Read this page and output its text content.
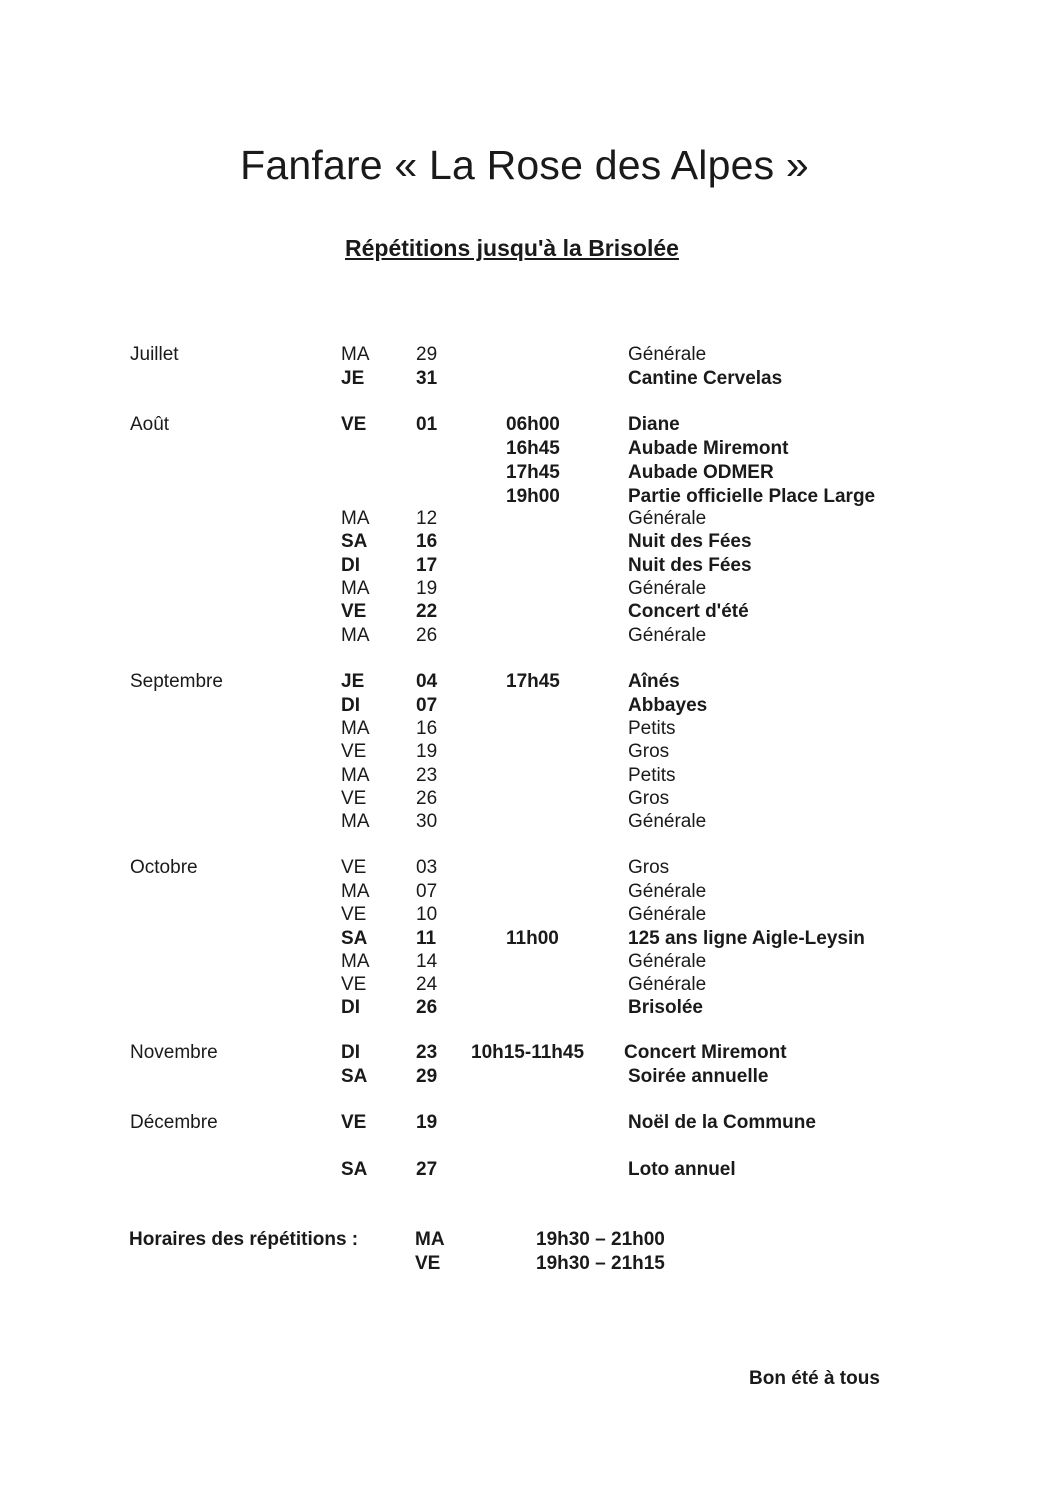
Fanfare « La Rose des Alpes »
Répétitions jusqu'à la Brisolée
Juillet	MA 29	Générale
JE	31	Cantine Cervelas
Août	VE	01	06h00	Diane
16h45	Aubade Miremont
17h45	Aubade ODMER
19h00	Partie officielle Place Large
MA 12	Générale
SA	16	Nuit des Fées
DI	17	Nuit des Fées
MA 19	Générale
VE	22	Concert d'été
MA 26	Générale
Septembre	JE	04	17h45	Aînés
DI	07	Abbayes
MA 16	Petits
VE	19	Gros
MA 23	Petits
VE	26	Gros
MA 30	Générale
Octobre	VE	03	Gros
MA 07	Générale
VE	10	Générale
SA	11	11h00	125 ans ligne Aigle-Leysin
MA 14	Générale
VE	24	Générale
DI	26	Brisolée
Novembre	DI	23 10h15-11h45 Concert Miremont
SA	29	Soirée annuelle
Décembre	VE	19	Noël de la Commune
SA	27	Loto annuel
Horaires des répétitions :	MA	19h30 – 21h00
VE	19h30 – 21h15
Bon été à tous
